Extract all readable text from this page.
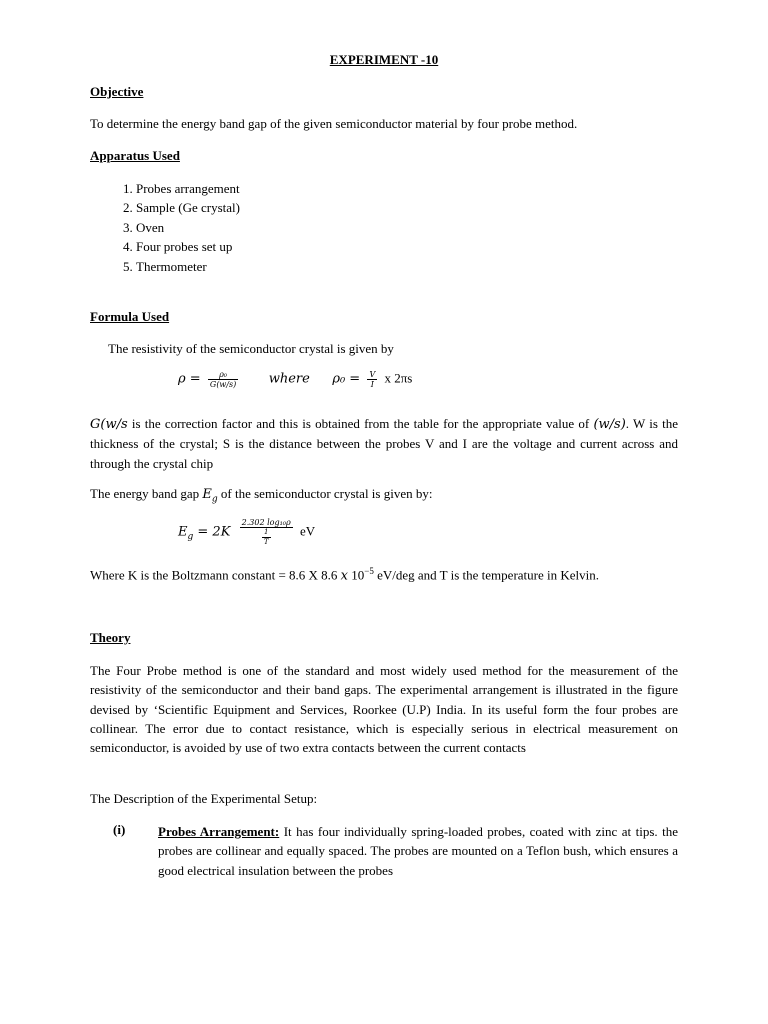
EXPERIMENT -10
Objective
To determine the energy band gap of the given semiconductor material by four probe method.
Apparatus Used
1. Probes arrangement
2. Sample (Ge crystal)
3. Oven
4. Four probes set up
5. Thermometer
Formula Used
The resistivity of the semiconductor crystal is given by
$\rho = \frac{\text{ρ₀}}{G(w/s)}$ where $\rho_0 = \frac{V}{I}$ x 2πs
G(w/s is the correction factor and this is obtained from the table for the appropriate value of (w/s). W is the thickness of the crystal; S is the distance between the probes V and I are the voltage and current across and through the crystal chip
The energy band gap $E_g$ of the semiconductor crystal is given by:
$E_g = 2K \frac{\text{2.302 log₁₀ρ}}{\frac{1}{T}}$ eV
Where K is the Boltzmann constant = 8.6 X 8.6 x $10^{-5}$ eV/deg and T is the temperature in Kelvin.
Theory
The Four Probe method is one of the standard and most widely used method for the measurement of the resistivity of the semiconductor and their band gaps. The experimental arrangement is illustrated in the figure devised by ‘Scientific Equipment and Services, Roorkee (U.P) India. In its useful form the four probes are collinear. The error due to contact resistance, which is especially serious in electrical measurement on semiconductor, is avoided by use of two extra contacts between the current contacts
The Description of the Experimental Setup:
(i)	Probes Arrangement: It has four individually spring-loaded probes, coated with zinc at tips. the probes are collinear and equally spaced. The probes are mounted on a Teflon bush, which ensures a good electrical insulation between the probes
